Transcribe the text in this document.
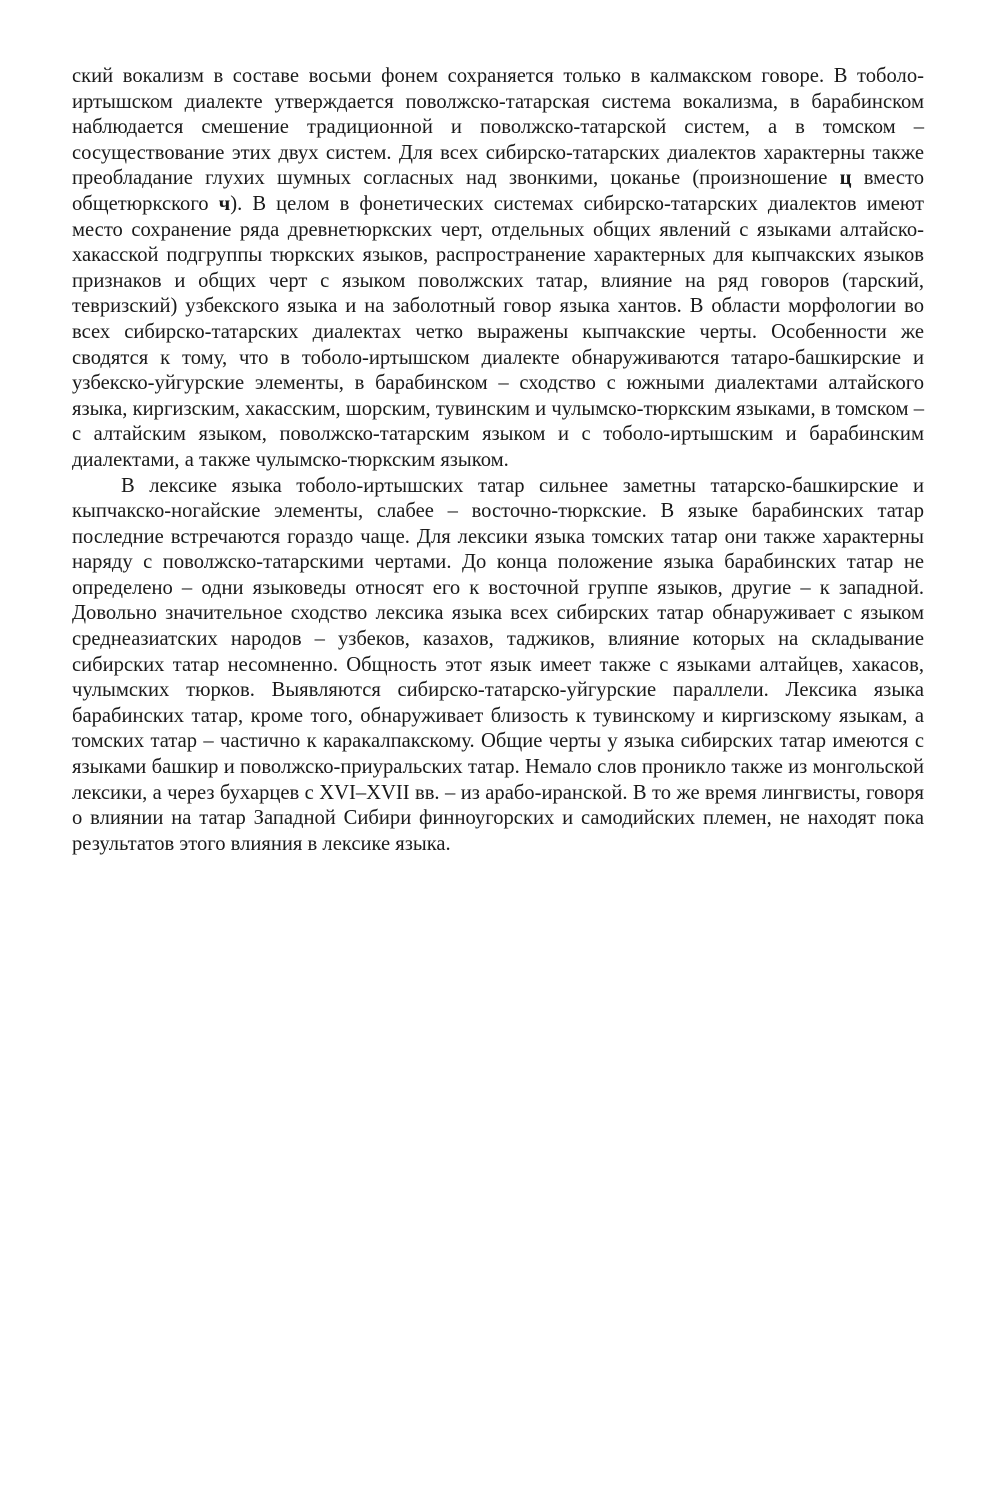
ский вокализм в составе восьми фонем сохраняется только в калмакском говоре. В тоболо-иртышском диалекте утверждается поволжско-татарская система вокализма, в барабинском наблюдается смешение традиционной и поволжско-татарской систем, а в томском – сосуществование этих двух систем. Для всех сибирско-татарских диалектов характерны также преобладание глухих шумных согласных над звонкими, цоканье (произношение ц вместо общетюркского ч). В целом в фонетических системах сибирско-татарских диалектов имеют место сохранение ряда древнетюркских черт, отдельных общих явлений с языками алтайско-хакасской подгруппы тюркских языков, распространение характерных для кыпчакских языков признаков и общих черт с языком поволжских татар, влияние на ряд говоров (тарский, тевризский) узбекского языка и на заболотный говор языка хантов. В области морфологии во всех сибирско-татарских диалектах четко выражены кыпчакские черты. Особенности же сводятся к тому, что в тоболо-иртышском диалекте обнаруживаются татаро-башкирские и узбекско-уйгурские элементы, в барабинском – сходство с южными диалектами алтайского языка, киргизским, хакасским, шорским, тувинским и чулымско-тюркским языками, в томском – с алтайским языком, поволжско-татарским языком и с тоболо-иртышским и барабинским диалектами, а также чулымско-тюркским языком.

В лексике языка тоболо-иртышских татар сильнее заметны татарско-башкирские и кыпчакско-ногайские элементы, слабее – восточно-тюркские. В языке барабинских татар последние встречаются гораздо чаще. Для лексики языка томских татар они также характерны наряду с поволжско-татарскими чертами. До конца положение языка барабинских татар не определено – одни языковеды относят его к восточной группе языков, другие – к западной. Довольно значительное сходство лексика языка всех сибирских татар обнаруживает с языком среднеазиатских народов – узбеков, казахов, таджиков, влияние которых на складывание сибирских татар несомненно. Общность этот язык имеет также с языками алтайцев, хакасов, чулымских тюрков. Выявляются сибирско-татарско-уйгурские параллели. Лексика языка барабинских татар, кроме того, обнаруживает близость к тувинскому и киргизскому языкам, а томских татар – частично к каракалпакскому. Общие черты у языка сибирских татар имеются с языками башкир и поволжско-приуральских татар. Немало слов проникло также из монгольской лексики, а через бухарцев с XVI–XVII вв. – из арабо-иранской. В то же время лингвисты, говоря о влиянии на татар Западной Сибири финноугорских и самодийских племен, не находят пока результатов этого влияния в лексике языка.
